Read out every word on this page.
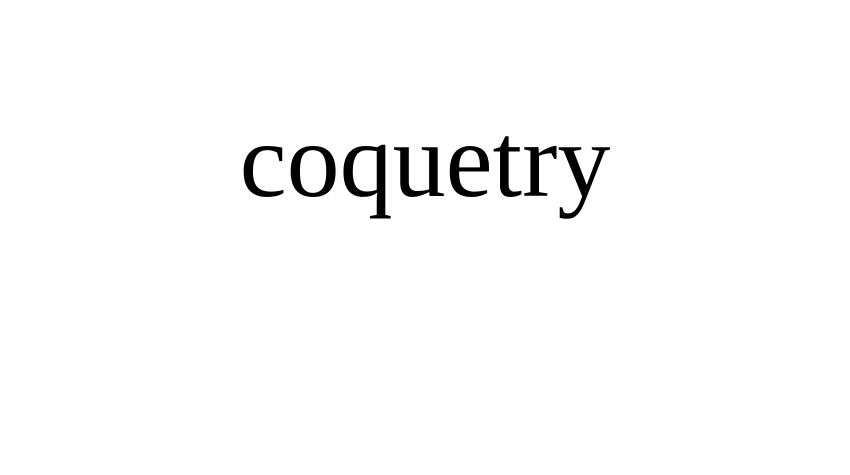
coquetry
